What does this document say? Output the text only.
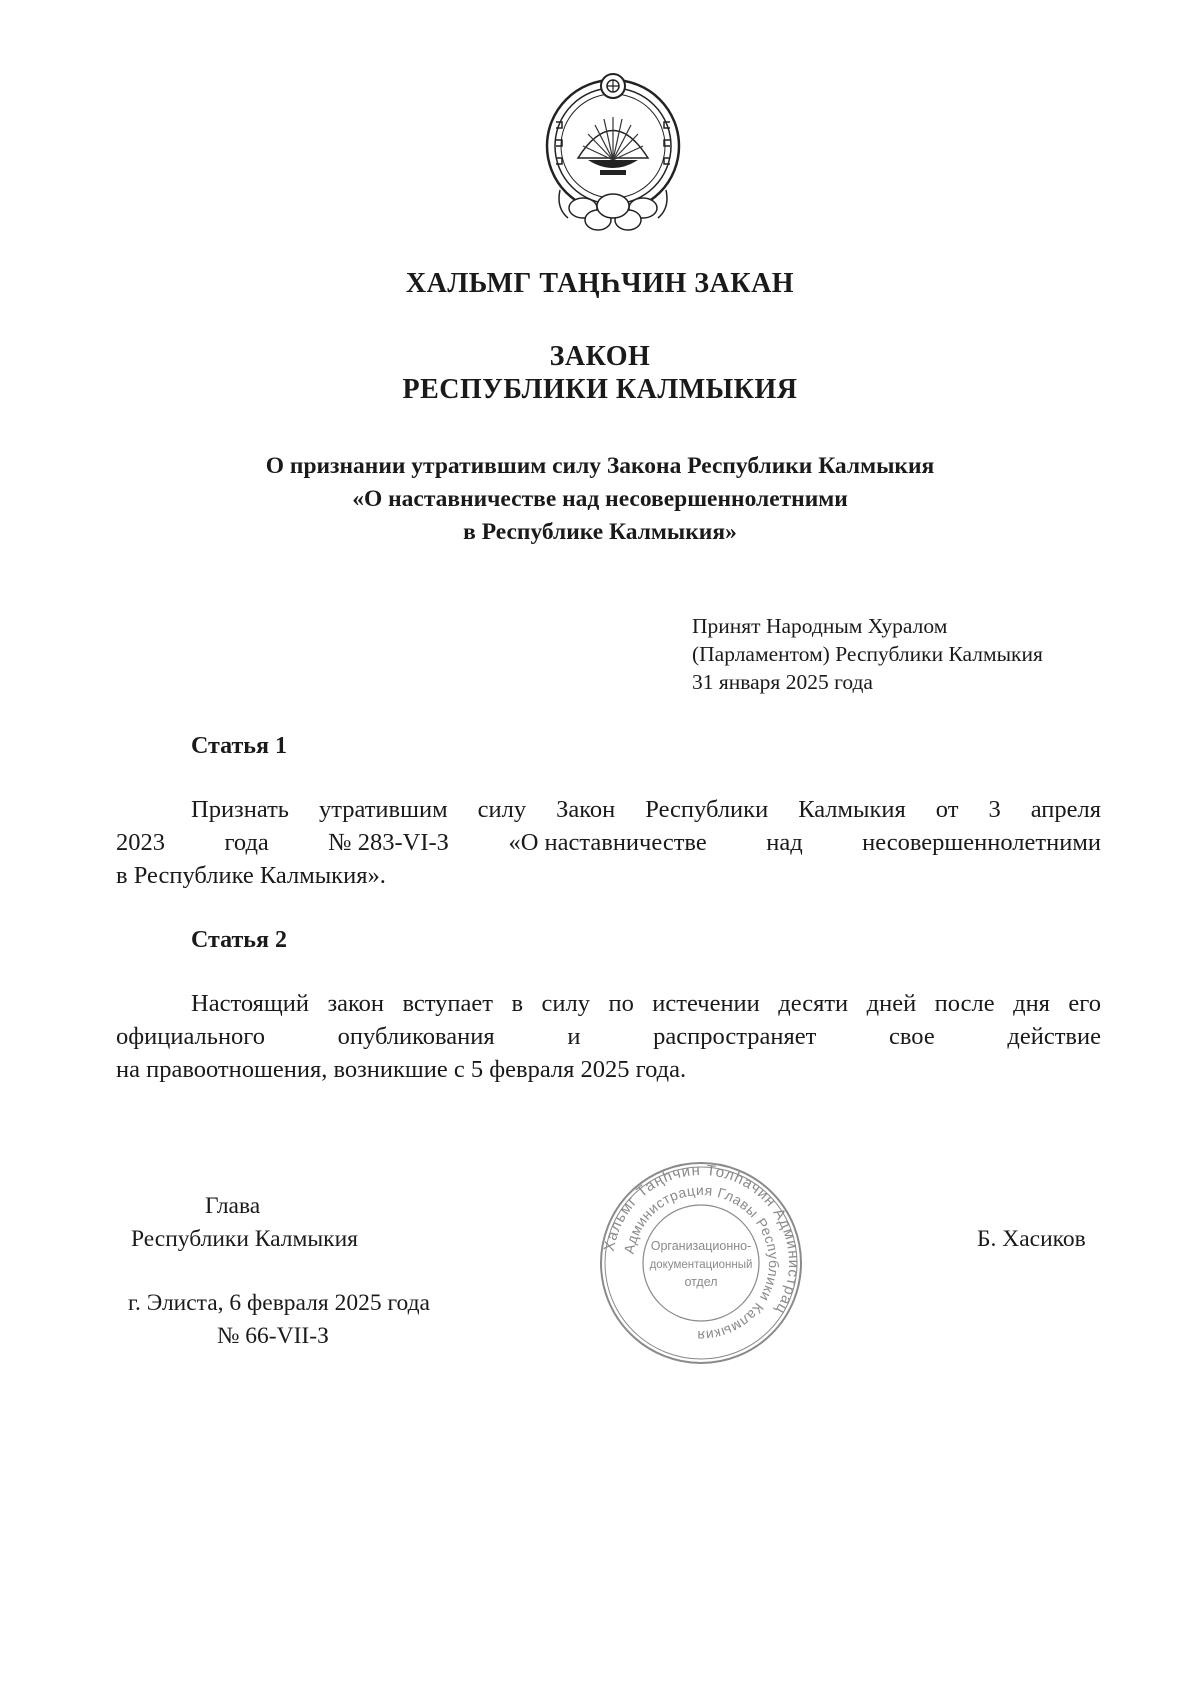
ХАЛЬМГ ТАҢҺЧИН ЗАКАН
ЗАКОН
РЕСПУБЛИКИ КАЛМЫКИЯ
О признании утратившим силу Закона Республики Калмыкия
«О наставничестве над несовершеннолетними
в Республике Калмыкия»
Принят Народным Хуралом
(Парламентом) Республики Калмыкия
31 января 2025 года
Статья 1
Признать утратившим силу Закон Республики Калмыкия от 3 апреля
2023 года № 283-VI-З «О наставничестве над несовершеннолетними
в Республике Калмыкия».
Статья 2
Настоящий закон вступает в силу по истечении десяти дней после дня его
официального	опубликования	и	распространяет	свое	действие
на правоотношения, возникшие с 5 февраля 2025 года.
Глава
Республики Калмыкия	Б. Хасиков
г. Элиста, 6 февраля 2025 года
№ 66-VII-З
Хальмг Таңһчин Толһачин Администрац
Администрация Главы Республики Калмыкия
Организационно-
документационный
отдел
